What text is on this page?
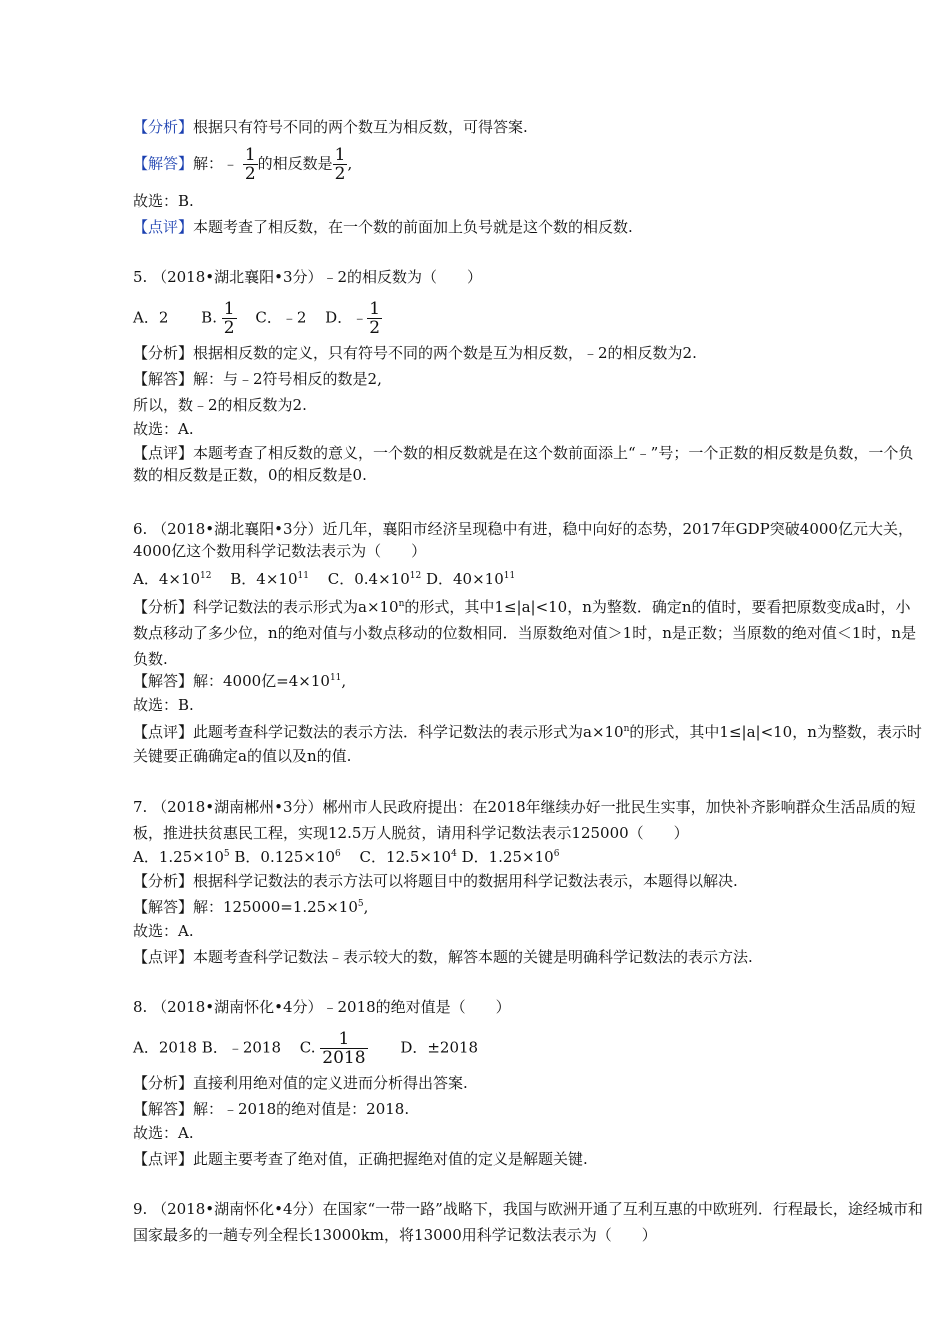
【分析】根据只有符号不同的两个数互为相反数，可得答案.
【解答】解：﹣ $\frac{1}{2}$ 的相反数是 $\frac{1}{2}$ ,
故选：B.
【点评】本题考查了相反数，在一个数的前面加上负号就是这个数的相反数.
5. （2018•湖北襄阳•3分）﹣2的相反数为（　　）
A．2 B. $\frac{1}{2}$ C．﹣2 D．﹣ $\frac{1}{2}$
【分析】根据相反数的定义，只有符号不同的两个数是互为相反数，﹣2的相反数为2.
【解答】解：与﹣2符号相反的数是2,
所以，数﹣2的相反数为2.
故选：A.
【点评】本题考查了相反数的意义，一个数的相反数就是在这个数前面添上“﹣”号；一个正数的相反数是负数，一个负数的相反数是正数，0的相反数是0.
6. （2018•湖北襄阳•3分）近几年，襄阳市经济呈现稳中有进，稳中向好的态势，2017年GDP突破4000亿元大关，4000亿这个数用科学记数法表示为（　　）
A．$4\times 10^{12}$ B．$4\times 10^{11}$ C．$0.4\times 10^{12}$ D．$40\times 10^{11}$
【分析】科学记数法的表示形式为$a\times 10^n$的形式，其中1≤|a|<10，n为整数．确定n的值时，要看把原数变成a时，小数点移动了多少位，n的绝对值与小数点移动的位数相同．当原数绝对值＞1时，n是正数；当原数的绝对值＜1时，n是负数.
【解答】解：4000亿$=4\times 10^{11}$,
故选：B.
【点评】此题考查科学记数法的表示方法．科学记数法的表示形式为$a\times 10^n$的形式，其中1≤|a|<10，n为整数，表示时关键要正确确定a的值以及n的值.
7. （2018•湖南郴州•3分）郴州市人民政府提出：在2018年继续办好一批民生实事，加快补齐影响群众生活品质的短板，推进扶贫惠民工程，实现12.5万人脱贫，请用科学记数法表示125000（　　）
A．$1.25\times 10^5$ B．$0.125\times 10^6$ C．$12.5\times 10^4$ D．$1.25\times 10^6$
【分析】根据科学记数法的表示方法可以将题目中的数据用科学记数法表示，本题得以解决.
【解答】解：$125000=1.25\times 10^5$,
故选：A.
【点评】本题考查科学记数法﹣表示较大的数，解答本题的关键是明确科学记数法的表示方法.
8. （2018•湖南怀化•4分）﹣2018的绝对值是（　　）
A．2018 B．﹣2018 C. $\frac{1}{2018}$ D．±2018
【分析】直接利用绝对值的定义进而分析得出答案.
【解答】解：﹣2018的绝对值是：2018.
故选：A.
【点评】此题主要考查了绝对值，正确把握绝对值的定义是解题关键.
9. （2018•湖南怀化•4分）在国家“一带一路”战略下，我国与欧洲开通了互利互惠的中欧班列．行程最长，途经城市和国家最多的一趟专列全程长13000km，将13000用科学记数法表示为（　　）
